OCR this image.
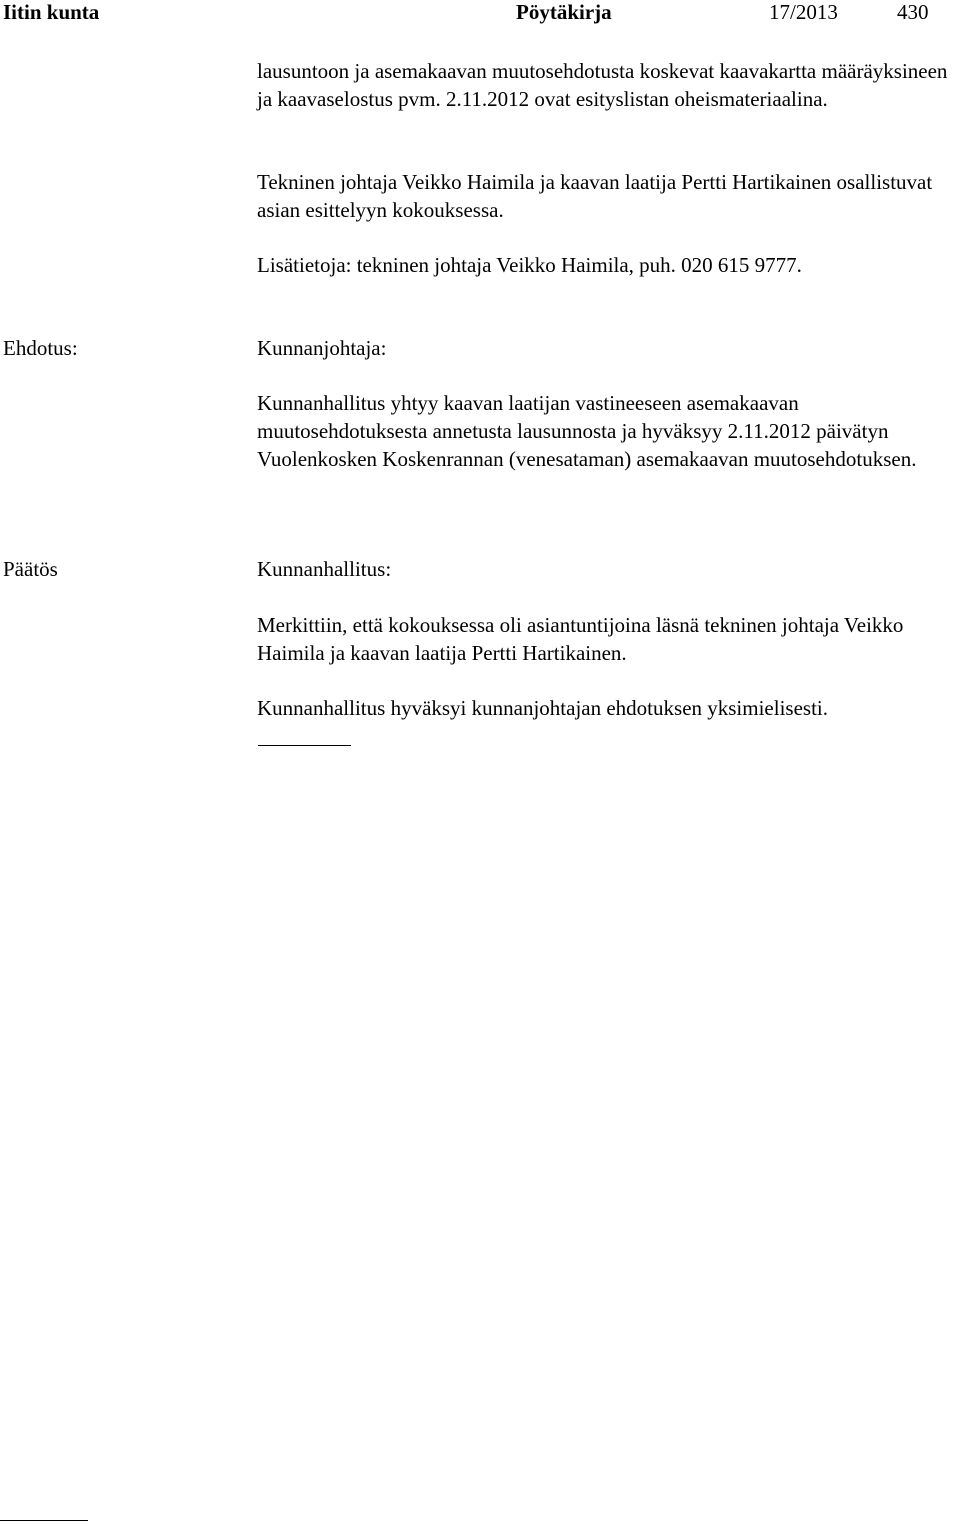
Iitin kunta	Pöytäkirja	17/2013	430

lausuntoon ja asemakaavan muutosehdotusta koskevat kaavakartta määräyksineen ja kaavaselostus pvm. 2.11.2012 ovat esityslistan oheismateriaalina.

Tekninen johtaja Veikko Haimila ja kaavan laatija Pertti Hartikainen osallistuvat asian esittelyyn kokouksessa.

Lisätietoja: tekninen johtaja Veikko Haimila, puh. 020 615 9777.

Ehdotus:	Kunnanjohtaja:

Kunnanhallitus yhtyy kaavan laatijan vastineeseen asemakaavan muutosehdotuksesta annetusta lausunnosta ja hyväksyy 2.11.2012 päivätyn Vuolenkosken Koskenrannan (venesataman) asemakaavan muutosehdotuksen.

Päätös	Kunnanhallitus:

Merkittiin, että kokouksessa oli asiantuntijoina läsnä tekninen johtaja Veikko Haimila ja kaavan laatija Pertti Hartikainen.

Kunnanhallitus hyväksyi kunnanjohtajan ehdotuksen yksimielisesti.
